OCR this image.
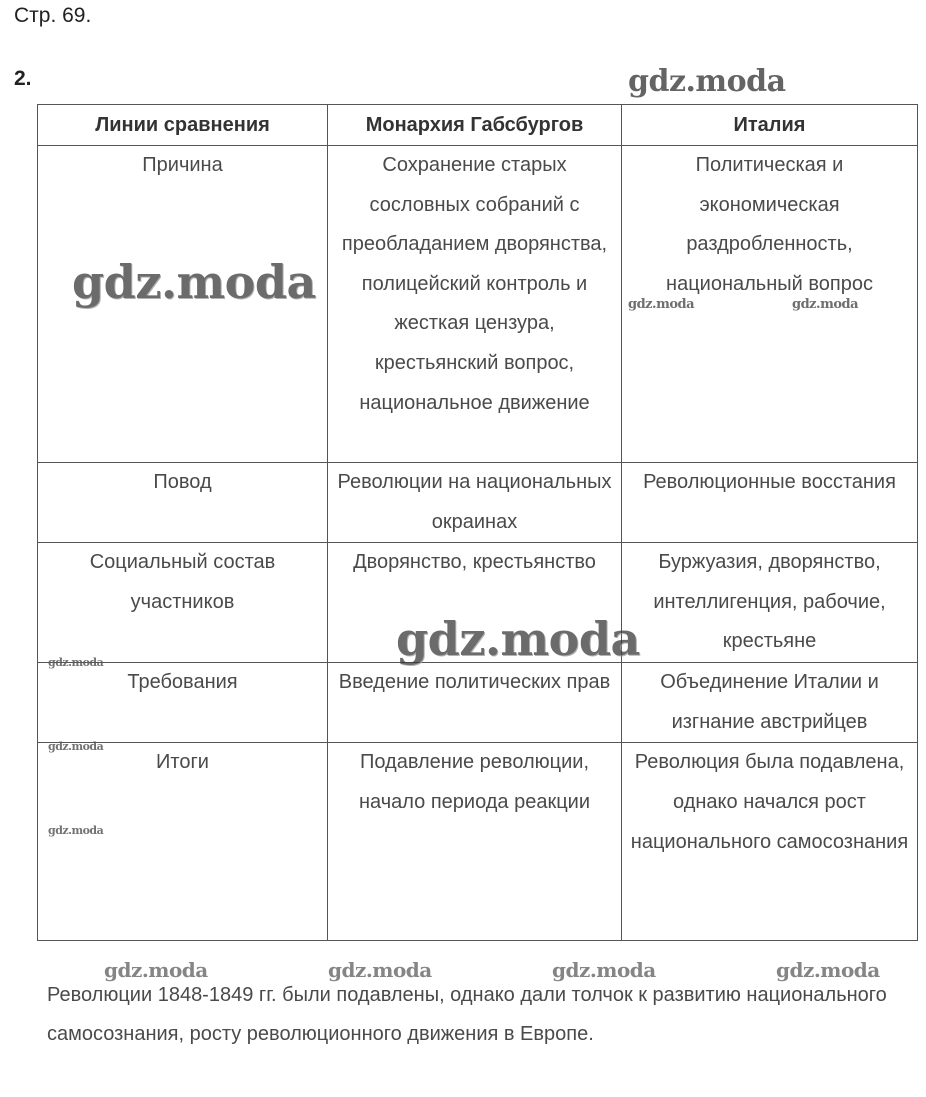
Стр. 69.
2.
Линии сравнения	Монархия Габсбургов	Италия
Причина	Сохранение старых сословных собраний с преобладанием дворянства, полицейский контроль и жесткая цензура, крестьянский вопрос, национальное движение	Политическая и экономическая раздробленность, национальный вопрос
Повод	Революции на национальных окраинах	Революционные восстания
Социальный состав участников	Дворянство, крестьянство	Буржуазия, дворянство, интеллигенция, рабочие, крестьяне
Требования	Введение политических прав	Объединение Италии и изгнание австрийцев
Итоги	Подавление революции, начало периода реакции	Революция была подавлена, однако начался рост национального самосознания
Революции 1848-1849 гг. были подавлены, однако дали толчок к развитию национального самосознания, росту революционного движения в Европе.
gdz.moda
gdz.moda	gdz.moda	gdz.moda
gdz.moda
gdz.moda
gdz.moda
gdz.moda
gdz.moda	gdz.moda	gdz.moda	gdz.moda
